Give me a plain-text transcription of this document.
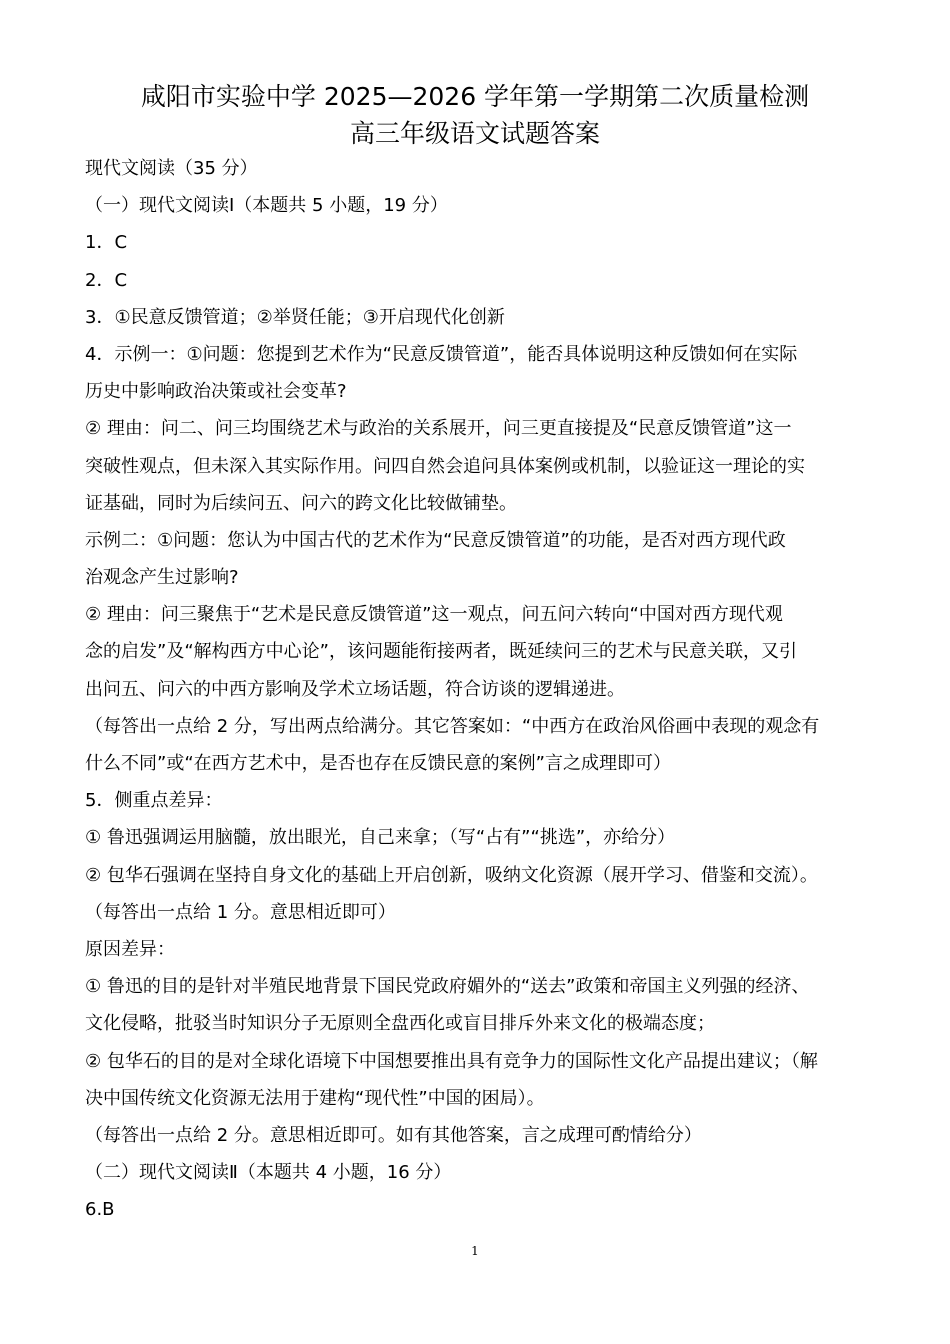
咸阳市实验中学 2025—2026 学年第一学期第二次质量检测
高三年级语文试题答案

现代文阅读（35 分）

（一）现代文阅读Ⅰ（本题共 5 小题，19 分）

1．C

2．C

3．①民意反馈管道；②举贤任能；③开启现代化创新

4．示例一：①问题：您提到艺术作为“民意反馈管道”，能否具体说明这种反馈如何在实际

历史中影响政治决策或社会变革?

② 理由：问二、问三均围绕艺术与政治的关系展开，问三更直接提及“民意反馈管道”这一

突破性观点，但未深入其实际作用。问四自然会追问具体案例或机制，以验证这一理论的实

证基础，同时为后续问五、问六的跨文化比较做铺垫。

示例二：①问题：您认为中国古代的艺术作为“民意反馈管道”的功能，是否对西方现代政

治观念产生过影响?

② 理由：问三聚焦于“艺术是民意反馈管道”这一观点，问五问六转向“中国对西方现代观

念的启发”及“解构西方中心论”，该问题能衔接两者，既延续问三的艺术与民意关联，又引

出问五、问六的中西方影响及学术立场话题，符合访谈的逻辑递进。

（每答出一点给 2 分，写出两点给满分。其它答案如：“中西方在政治风俗画中表现的观念有

什么不同”或“在西方艺术中，是否也存在反馈民意的案例”言之成理即可）

5．侧重点差异：

① 鲁迅强调运用脑髓，放出眼光，自己来拿；（写“占有”“挑选”，亦给分）

② 包华石强调在坚持自身文化的基础上开启创新，吸纳文化资源（展开学习、借鉴和交流）。

（每答出一点给 1 分。意思相近即可）

原因差异：

① 鲁迅的目的是针对半殖民地背景下国民党政府媚外的“送去”政策和帝国主义列强的经济、

文化侵略，批驳当时知识分子无原则全盘西化或盲目排斥外来文化的极端态度；

② 包华石的目的是对全球化语境下中国想要推出具有竞争力的国际性文化产品提出建议；（解

决中国传统文化资源无法用于建构“现代性”中国的困局）。

（每答出一点给 2 分。意思相近即可。如有其他答案，言之成理可酌情给分）

（二）现代文阅读Ⅱ（本题共 4 小题，16 分）

6.B

1
